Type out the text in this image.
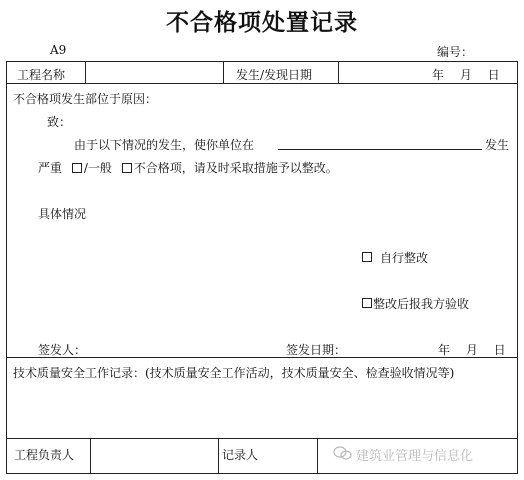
不合格项处置记录
A9	编号：
工程名称	发生/发现日期	年　 月　 日
不合格项发生部位于原因：
致：
由于以下情况的发生，使你单位在	发生
严重 /一般 不合格项，请及时采取措施予以整改。
具体情况
自行整改
整改后报我方验收
签发人：	签发日期：	年　 月　 日
技术质量安全工作记录：(技术质量安全工作活动，技术质量安全、检查验收情况等)
工程负责人	记录人	建筑业管理与信息化
